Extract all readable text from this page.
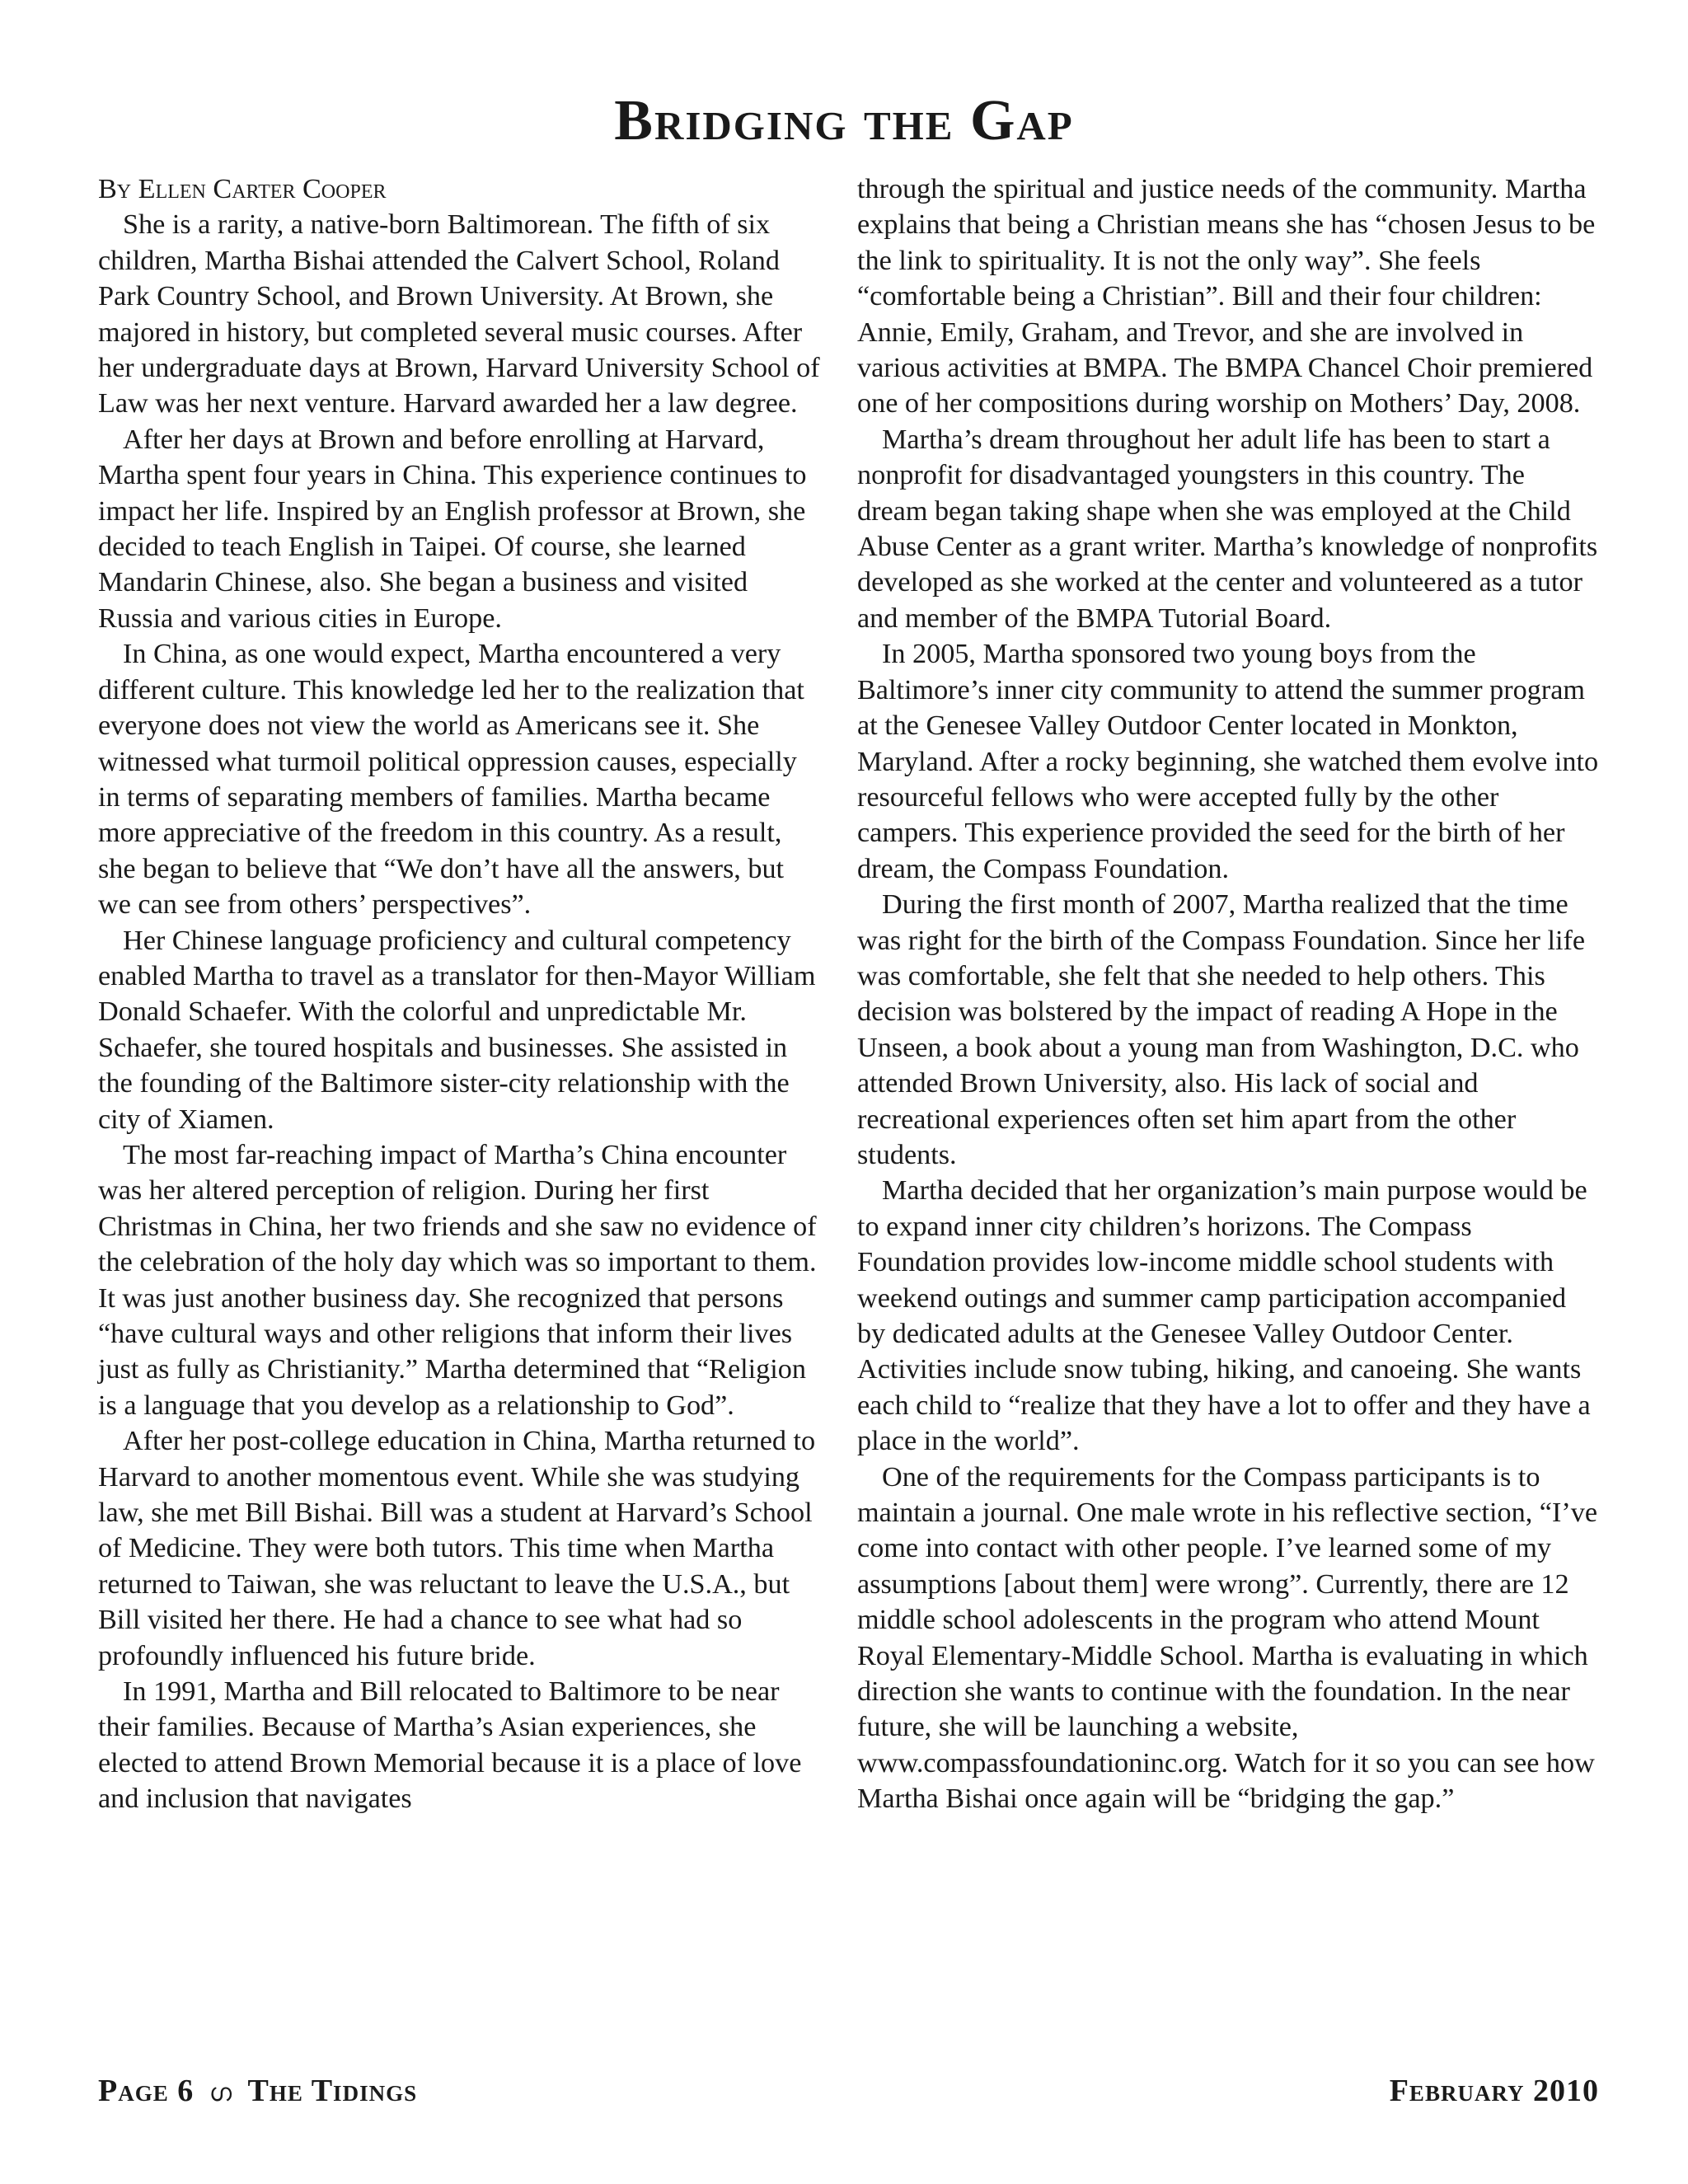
Bridging the Gap

By Ellen Carter Cooper

She is a rarity, a native-born Baltimorean. The fifth of six children, Martha Bishai attended the Calvert School, Roland Park Country School, and Brown University. At Brown, she majored in history, but completed several music courses. After her undergraduate days at Brown, Harvard University School of Law was her next venture. Harvard awarded her a law degree.

After her days at Brown and before enrolling at Harvard, Martha spent four years in China. This experience continues to impact her life. Inspired by an English professor at Brown, she decided to teach English in Taipei. Of course, she learned Mandarin Chinese, also. She began a business and visited Russia and various cities in Europe.

In China, as one would expect, Martha encountered a very different culture. This knowledge led her to the realization that everyone does not view the world as Americans see it. She witnessed what turmoil political oppression causes, especially in terms of separating members of families. Martha became more appreciative of the freedom in this country. As a result, she began to believe that “We don’t have all the answers, but we can see from others’ perspectives”.

Her Chinese language proficiency and cultural competency enabled Martha to travel as a translator for then-Mayor William Donald Schaefer. With the colorful and unpredictable Mr. Schaefer, she toured hospitals and businesses. She assisted in the founding of the Baltimore sister-city relationship with the city of Xiamen.

The most far-reaching impact of Martha’s China encounter was her altered perception of religion. During her first Christmas in China, her two friends and she saw no evidence of the celebration of the holy day which was so important to them. It was just another business day. She recognized that persons “have cultural ways and other religions that inform their lives just as fully as Christianity.” Martha determined that “Religion is a language that you develop as a relationship to God”.

After her post-college education in China, Martha returned to Harvard to another momentous event. While she was studying law, she met Bill Bishai. Bill was a student at Harvard’s School of Medicine. They were both tutors. This time when Martha returned to Taiwan, she was reluctant to leave the U.S.A., but Bill visited her there. He had a chance to see what had so profoundly influenced his future bride.

In 1991, Martha and Bill relocated to Baltimore to be near their families. Because of Martha’s Asian experiences, she elected to attend Brown Memorial because it is a place of love and inclusion that navigates

through the spiritual and justice needs of the community. Martha explains that being a Christian means she has “chosen Jesus to be the link to spirituality. It is not the only way”. She feels “comfortable being a Christian”. Bill and their four children: Annie, Emily, Graham, and Trevor, and she are involved in various activities at BMPA. The BMPA Chancel Choir premiered one of her compositions during worship on Mothers’ Day, 2008.

Martha’s dream throughout her adult life has been to start a nonprofit for disadvantaged youngsters in this country. The dream began taking shape when she was employed at the Child Abuse Center as a grant writer. Martha’s knowledge of nonprofits developed as she worked at the center and volunteered as a tutor and member of the BMPA Tutorial Board.

In 2005, Martha sponsored two young boys from the Baltimore’s inner city community to attend the summer program at the Genesee Valley Outdoor Center located in Monkton, Maryland. After a rocky beginning, she watched them evolve into resourceful fellows who were accepted fully by the other campers. This experience provided the seed for the birth of her dream, the Compass Foundation.

During the first month of 2007, Martha realized that the time was right for the birth of the Compass Foundation. Since her life was comfortable, she felt that she needed to help others. This decision was bolstered by the impact of reading A Hope in the Unseen, a book about a young man from Washington, D.C. who attended Brown University, also. His lack of social and recreational experiences often set him apart from the other students.

Martha decided that her organization’s main purpose would be to expand inner city children’s horizons. The Compass Foundation provides low-income middle school students with weekend outings and summer camp participation accompanied by dedicated adults at the Genesee Valley Outdoor Center. Activities include snow tubing, hiking, and canoeing. She wants each child to “realize that they have a lot to offer and they have a place in the world”.

One of the requirements for the Compass participants is to maintain a journal. One male wrote in his reflective section, “I’ve come into contact with other people. I’ve learned some of my assumptions [about them] were wrong”. Currently, there are 12 middle school adolescents in the program who attend Mount Royal Elementary-Middle School. Martha is evaluating in which direction she wants to continue with the foundation. In the near future, she will be launching a website, www.compassfoundationinc.org. Watch for it so you can see how Martha Bishai once again will be “bridging the gap.”

Page 6 ഗ The Tidings	February 2010
